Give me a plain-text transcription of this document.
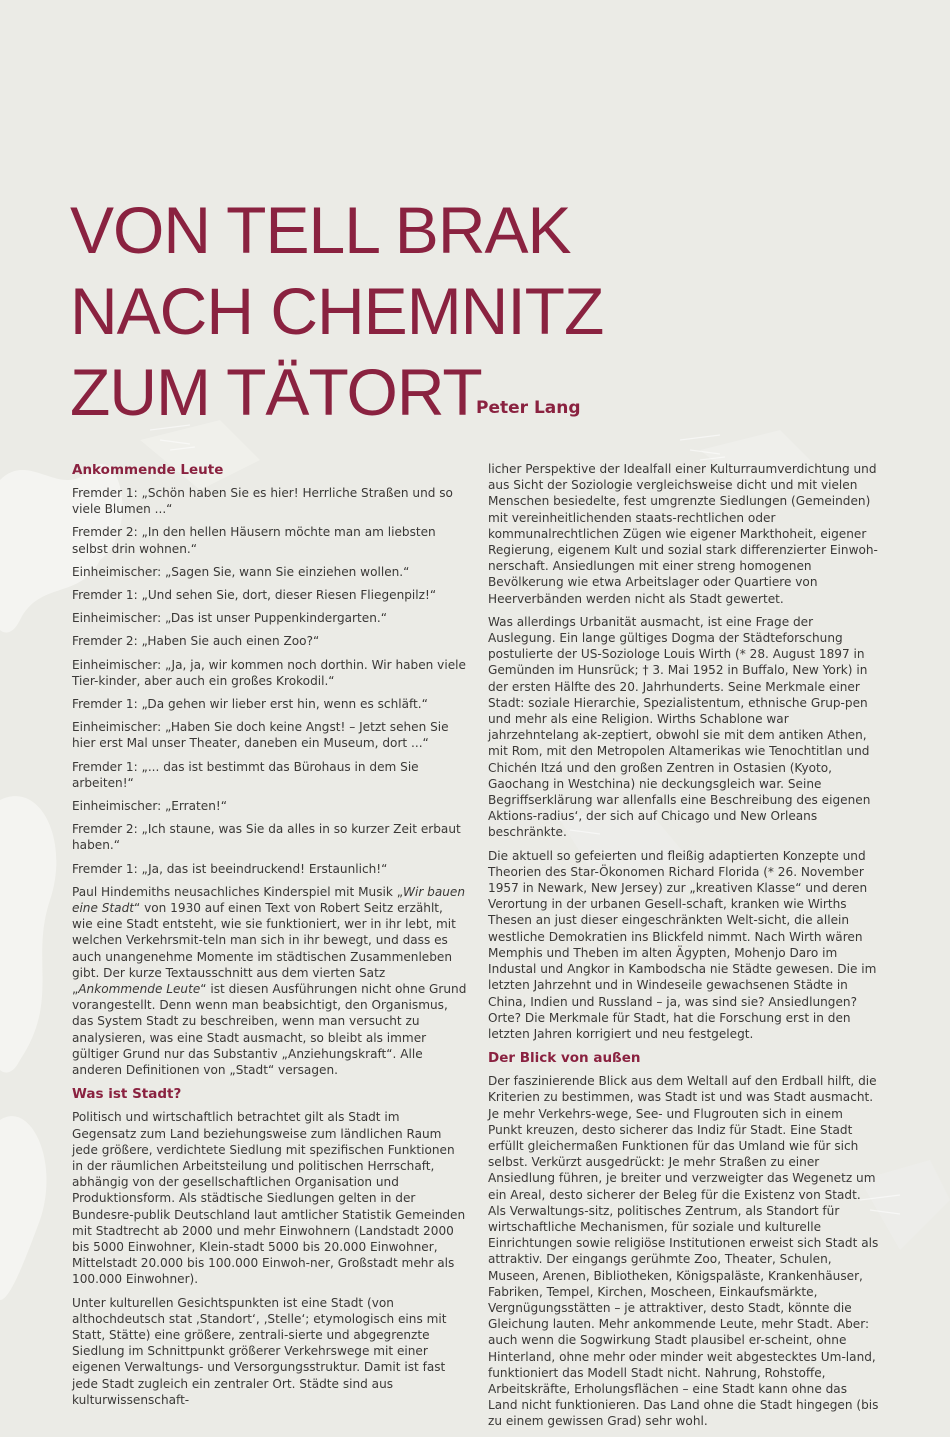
VON TELL BRAK
NACH CHEMNITZ
ZUM TÄTORT
Peter Lang
Ankommende Leute

Fremder 1: „Schön haben Sie es hier! Herrliche Straßen und so viele Blumen ...“

Fremder 2: „In den hellen Häusern möchte man am liebsten selbst drin wohnen.“

Einheimischer: „Sagen Sie, wann Sie einziehen wollen.“

Fremder 1: „Und sehen Sie, dort, dieser Riesen Fliegenpilz!“

Einheimischer: „Das ist unser Puppenkindergarten.“

Fremder 2: „Haben Sie auch einen Zoo?“

Einheimischer: „Ja, ja, wir kommen noch dorthin. Wir haben viele Tier-kinder, aber auch ein großes Krokodil.“

Fremder 1: „Da gehen wir lieber erst hin, wenn es schläft.“

Einheimischer: „Haben Sie doch keine Angst! – Jetzt sehen Sie hier erst Mal unser Theater, daneben ein Museum, dort ...“

Fremder 1: „... das ist bestimmt das Bürohaus in dem Sie arbeiten!“

Einheimischer: „Erraten!“

Fremder 2: „Ich staune, was Sie da alles in so kurzer Zeit erbaut haben.“

Fremder 1: „Ja, das ist beeindruckend! Erstaunlich!“

Paul Hindemiths neusachliches Kinderspiel mit Musik „Wir bauen eine Stadt“ von 1930 auf einen Text von Robert Seitz erzählt, wie eine Stadt entsteht, wie sie funktioniert, wer in ihr lebt, mit welchen Verkehrsmit-teln man sich in ihr bewegt, und dass es auch unangenehme Momente im städtischen Zusammenleben gibt. Der kurze Textausschnitt aus dem vierten Satz „Ankommende Leute“ ist diesen Ausführungen nicht ohne Grund vorangestellt. Denn wenn man beabsichtigt, den Organismus, das System Stadt zu beschreiben, wenn man versucht zu analysieren, was eine Stadt ausmacht, so bleibt als immer gültiger Grund nur das Substantiv „Anziehungskraft“. Alle anderen Definitionen von „Stadt“ versagen.

Was ist Stadt?

Politisch und wirtschaftlich betrachtet gilt als Stadt im Gegensatz zum Land beziehungsweise zum ländlichen Raum jede größere, verdichtete Siedlung mit spezifischen Funktionen in der räumlichen Arbeitsteilung und politischen Herrschaft, abhängig von der gesellschaftlichen Organisation und Produktionsform. Als städtische Siedlungen gelten in der Bundesre-publik Deutschland laut amtlicher Statistik Gemeinden mit Stadtrecht ab 2000 und mehr Einwohnern (Landstadt 2000 bis 5000 Einwohner, Klein-stadt 5000 bis 20.000 Einwohner, Mittelstadt 20.000 bis 100.000 Einwoh-ner, Großstadt mehr als 100.000 Einwohner).

Unter kulturellen Gesichtspunkten ist eine Stadt (von althochdeutsch stat ‚Standort‘, ‚Stelle‘; etymologisch eins mit Statt, Stätte) eine größere, zentrali-sierte und abgegrenzte Siedlung im Schnittpunkt größerer Verkehrswege mit einer eigenen Verwaltungs- und Versorgungsstruktur. Damit ist fast jede Stadt zugleich ein zentraler Ort. Städte sind aus kulturwissenschaft-

licher Perspektive der Idealfall einer Kulturraumverdichtung und aus Sicht der Soziologie vergleichsweise dicht und mit vielen Menschen besiedelte, fest umgrenzte Siedlungen (Gemeinden) mit vereinheitlichenden staats-rechtlichen oder kommunalrechtlichen Zügen wie eigener Markthoheit, eigener Regierung, eigenem Kult und sozial stark differenzierter Einwoh-nerschaft. Ansiedlungen mit einer streng homogenen Bevölkerung wie etwa Arbeitslager oder Quartiere von Heerverbänden werden nicht als Stadt gewertet.

Was allerdings Urbanität ausmacht, ist eine Frage der Auslegung. Ein lange gültiges Dogma der Städteforschung postulierte der US-Soziologe Louis Wirth (* 28. August 1897 in Gemünden im Hunsrück; † 3. Mai 1952 in Buffalo, New York) in der ersten Hälfte des 20. Jahrhunderts. Seine Merkmale einer Stadt: soziale Hierarchie, Spezialistentum, ethnische Grup-pen und mehr als eine Religion. Wirths Schablone war jahrzehntelang ak-zeptiert, obwohl sie mit dem antiken Athen, mit Rom, mit den Metropolen Altamerikas wie Tenochtitlan und Chichén Itzá und den großen Zentren in Ostasien (Kyoto, Gaochang in Westchina) nie deckungsgleich war. Seine Begriffserklärung war allenfalls eine Beschreibung des eigenen Aktions-radius‘, der sich auf Chicago und New Orleans beschränkte.

Die aktuell so gefeierten und fleißig adaptierten Konzepte und Theorien des Star-Ökonomen Richard Florida (* 26. November 1957 in Newark, New Jersey) zur „kreativen Klasse“ und deren Verortung in der urbanen Gesell-schaft, kranken wie Wirths Thesen an just dieser eingeschränkten Welt-sicht, die allein westliche Demokratien ins Blickfeld nimmt. Nach Wirth wären Memphis und Theben im alten Ägypten, Mohenjo Daro im Industal und Angkor in Kambodscha nie Städte gewesen. Die im letzten Jahrzehnt und in Windeseile gewachsenen Städte in China, Indien und Russland – ja, was sind sie? Ansiedlungen? Orte? Die Merkmale für Stadt, hat die Forschung erst in den letzten Jahren korrigiert und neu festgelegt.

Der Blick von außen

Der faszinierende Blick aus dem Weltall auf den Erdball hilft, die Kriterien zu bestimmen, was Stadt ist und was Stadt ausmacht. Je mehr Verkehrs-wege, See- und Flugrouten sich in einem Punkt kreuzen, desto sicherer das Indiz für Stadt. Eine Stadt erfüllt gleichermaßen Funktionen für das Umland wie für sich selbst. Verkürzt ausgedrückt: Je mehr Straßen zu einer Ansiedlung führen, je breiter und verzweigter das Wegenetz um ein Areal, desto sicherer der Beleg für die Existenz von Stadt. Als Verwaltungs-sitz, politisches Zentrum, als Standort für wirtschaftliche Mechanismen, für soziale und kulturelle Einrichtungen sowie religiöse Institutionen erweist sich Stadt als attraktiv. Der eingangs gerühmte Zoo, Theater, Schulen, Museen, Arenen, Bibliotheken, Königspaläste, Krankenhäuser, Fabriken, Tempel, Kirchen, Moscheen, Einkaufsmärkte, Vergnügungsstätten – je attraktiver, desto Stadt, könnte die Gleichung lauten. Mehr ankommende Leute, mehr Stadt. Aber: auch wenn die Sogwirkung Stadt plausibel er-scheint, ohne Hinterland, ohne mehr oder minder weit abgestecktes Um-land, funktioniert das Modell Stadt nicht. Nahrung, Rohstoffe, Arbeitskräfte, Erholungsflächen – eine Stadt kann ohne das Land nicht funktionieren. Das Land ohne die Stadt hingegen (bis zu einem gewissen Grad) sehr wohl.
